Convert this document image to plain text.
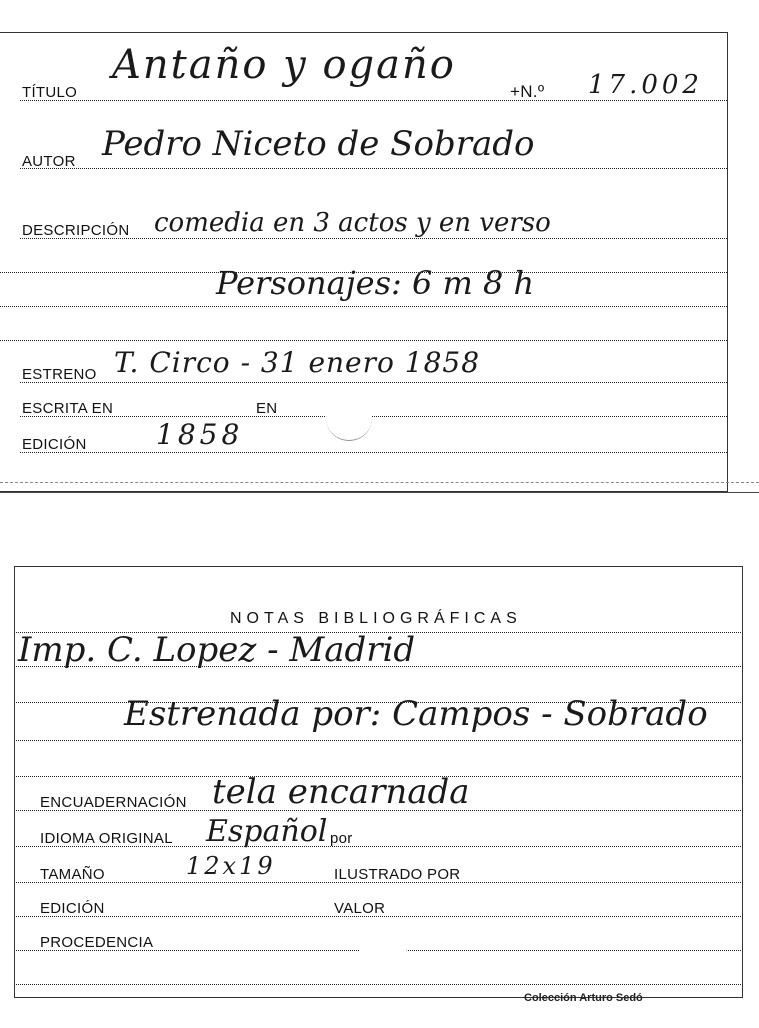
TÍTULO
Antaño y ogaño
+N.º 17.002
AUTOR Pedro Niceto de Sobrado
DESCRIPCIÓN comedia en 3 actos y en verso
Personajes: 6 m 8 h
ESTRENO T. Circo - 31 enero 1858
ESCRITA EN	EN
EDICIÓN 1858
NOTAS BIBLIOGRÁFICAS
Imp. C. Lopez - Madrid
Estrenada por: Campos - Sobrado
ENCUADERNACIÓN tela encarnada
IDIOMA ORIGINAL Español por
TAMAÑO	12x19	ILUSTRADO POR
EDICIÓN	VALOR
PROCEDENCIA
Colección Arturo Sedó
